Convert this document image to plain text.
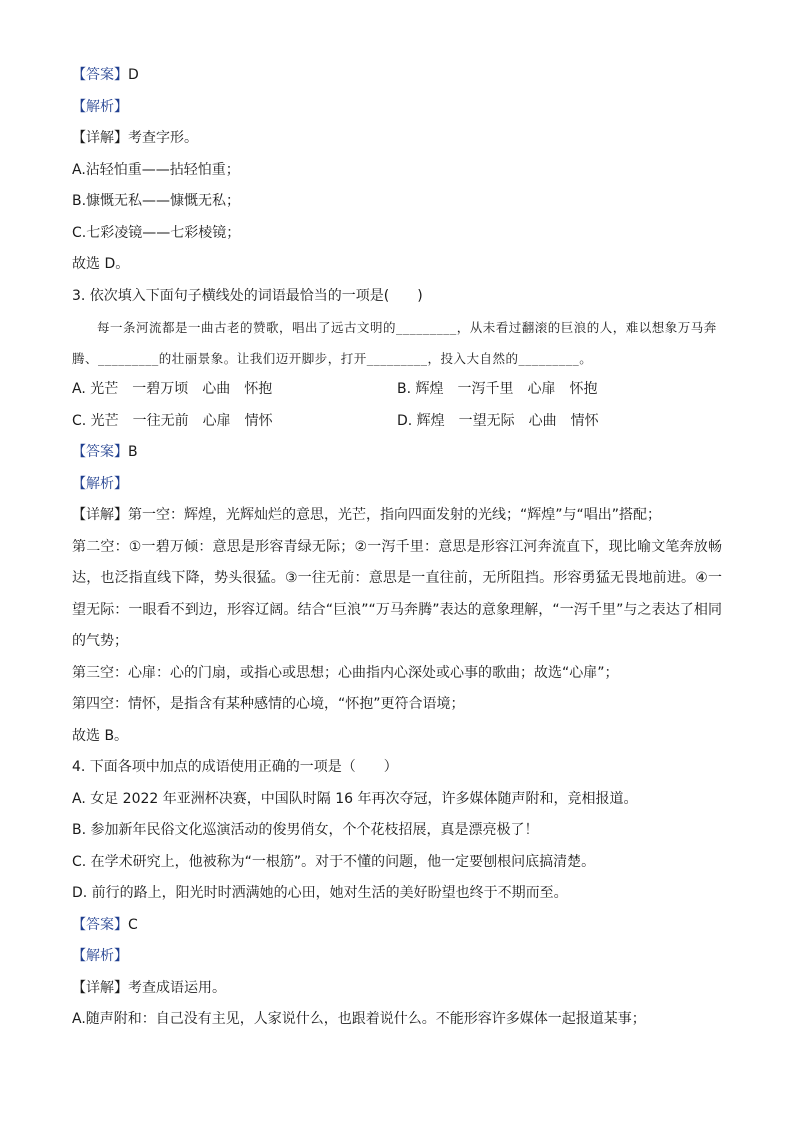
【答案】D
【解析】
【详解】考查字形。
A.沾轻怕重——拈轻怕重；
B.慷慨无私——慷慨无私；
C.七彩凌镜——七彩棱镜；
故选 D。
3. 依次填入下面句子横线处的词语最恰当的一项是(　　)
每一条河流都是一曲古老的赞歌，唱出了远古文明的_________，从未看过翻滚的巨浪的人，难以想象万马奔腾、_________的壮丽景象。让我们迈开脚步，打开_________，投入大自然的_________。
A. 光芒　一碧万顷　心曲　怀抱	B. 辉煌　一泻千里　心扉　怀抱
C. 光芒　一往无前　心扉　情怀	D. 辉煌　一望无际　心曲　情怀
【答案】B
【解析】
【详解】第一空：辉煌，光辉灿烂的意思，光芒，指向四面发射的光线；“辉煌”与“唱出”搭配；
第二空：①一碧万倾：意思是形容青绿无际；②一泻千里：意思是形容江河奔流直下，现比喻文笔奔放畅达，也泛指直线下降，势头很猛。③一往无前：意思是一直往前，无所阻挡。形容勇猛无畏地前进。④一望无际：一眼看不到边，形容辽阔。结合“巨浪”“万马奔腾”表达的意象理解，“一泻千里”与之表达了相同的气势；
第三空：心扉：心的门扇，或指心或思想；心曲指内心深处或心事的歌曲；故选“心扉”；
第四空：情怀，是指含有某种感情的心境，“怀抱”更符合语境；
故选 B。
4. 下面各项中加点的成语使用正确的一项是（　　）
A. 女足 2022 年亚洲杯决赛，中国队时隔 16 年再次夺冠，许多媒体随声附和，竞相报道。
B. 参加新年民俗文化巡演活动的俊男俏女，个个花枝招展，真是漂亮极了！
C. 在学术研究上，他被称为“一根筋”。对于不懂的问题，他一定要刨根问底搞清楚。
D. 前行的路上，阳光时时洒满她的心田，她对生活的美好盼望也终于不期而至。
【答案】C
【解析】
【详解】考查成语运用。
A.随声附和：自己没有主见，人家说什么，也跟着说什么。不能形容许多媒体一起报道某事；
